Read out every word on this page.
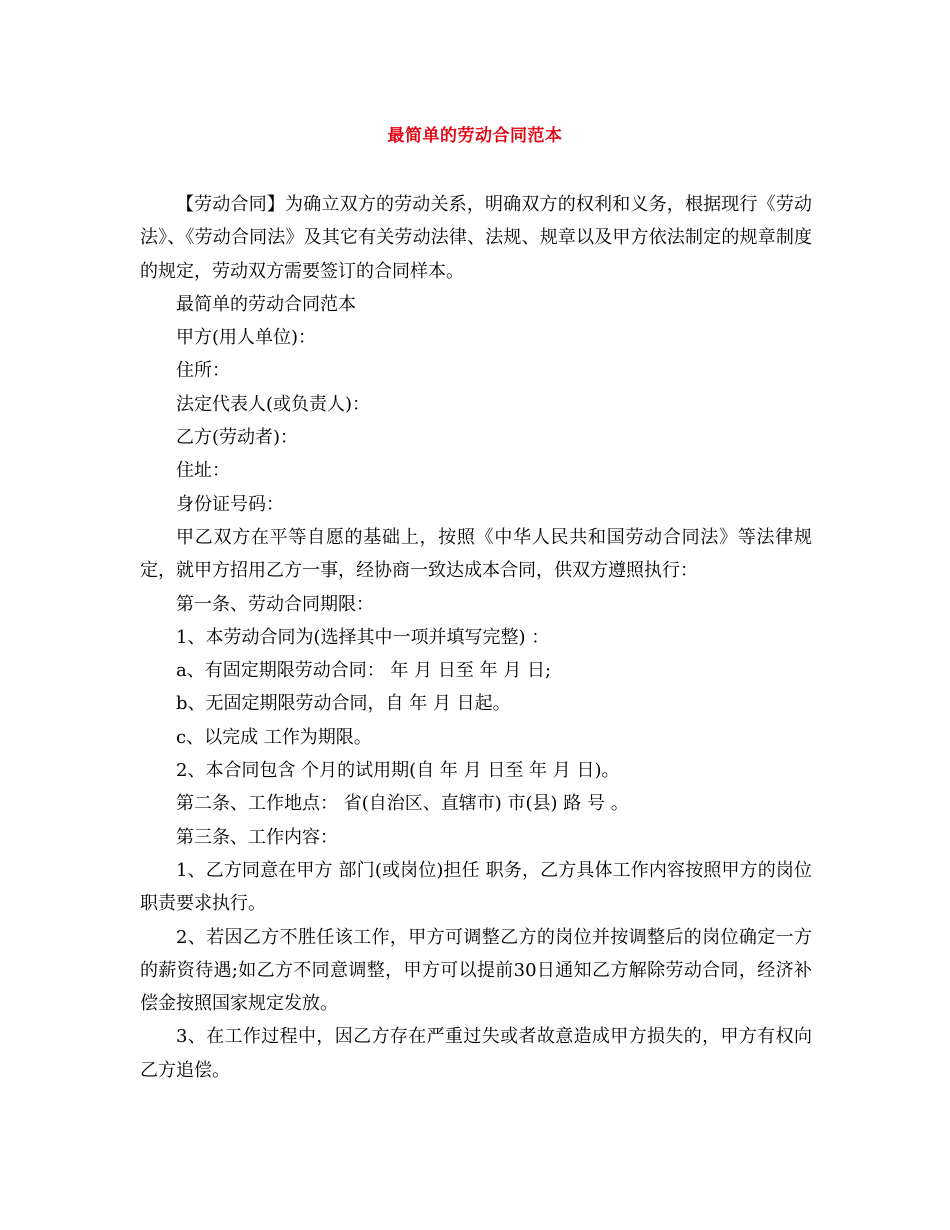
最简单的劳动合同范本

【劳动合同】为确立双方的劳动关系，明确双方的权利和义务，根据现行《劳动法》、《劳动合同法》及其它有关劳动法律、法规、规章以及甲方依法制定的规章制度的规定，劳动双方需要签订的合同样本。

最简单的劳动合同范本

甲方(用人单位)：

住所：

法定代表人(或负责人)：

乙方(劳动者)：

住址：

身份证号码：

甲乙双方在平等自愿的基础上，按照《中华人民共和国劳动合同法》等法律规定，就甲方招用乙方一事，经协商一致达成本合同，供双方遵照执行：

第一条、劳动合同期限：

1、本劳动合同为(选择其中一项并填写完整) ：

a、有固定期限劳动合同： 年 月 日至 年 月 日;

b、无固定期限劳动合同，自 年 月 日起。

c、以完成 工作为期限。

2、本合同包含 个月的试用期(自 年 月 日至 年 月 日)。

第二条、工作地点： 省(自治区、直辖市) 市(县) 路 号 。

第三条、工作内容：

1、乙方同意在甲方 部门(或岗位)担任 职务，乙方具体工作内容按照甲方的岗位职责要求执行。

2、若因乙方不胜任该工作，甲方可调整乙方的岗位并按调整后的岗位确定一方的薪资待遇;如乙方不同意调整，甲方可以提前30日通知乙方解除劳动合同，经济补偿金按照国家规定发放。

3、在工作过程中，因乙方存在严重过失或者故意造成甲方损失的，甲方有权向乙方追偿。
